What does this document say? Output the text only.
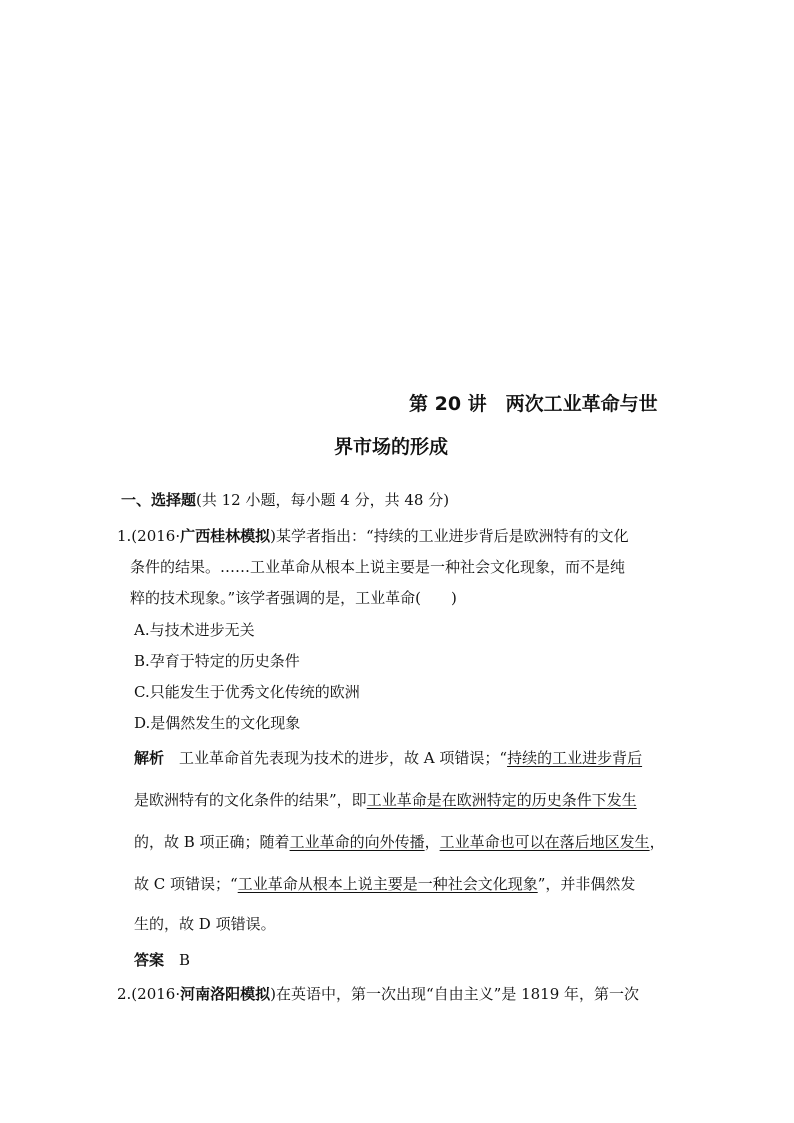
第 20 讲　两次工业革命与世
界市场的形成
一、选择题(共 12 小题，每小题 4 分，共 48 分)
1.(2016·广西桂林模拟)某学者指出：“持续的工业进步背后是欧洲特有的文化
条件的结果。……工业革命从根本上说主要是一种社会文化现象，而不是纯
粹的技术现象。”该学者强调的是，工业革命(　　)
A.与技术进步无关
B.孕育于特定的历史条件
C.只能发生于优秀文化传统的欧洲
D.是偶然发生的文化现象
解析　工业革命首先表现为技术的进步，故 A 项错误；“持续的工业进步背后
是欧洲特有的文化条件的结果”，即工业革命是在欧洲特定的历史条件下发生
的，故 B 项正确；随着工业革命的向外传播，工业革命也可以在落后地区发生，
故 C 项错误；“工业革命从根本上说主要是一种社会文化现象”，并非偶然发
生的，故 D 项错误。
答案　B
2.(2016·河南洛阳模拟)在英语中，第一次出现“自由主义”是 1819 年，第一次
